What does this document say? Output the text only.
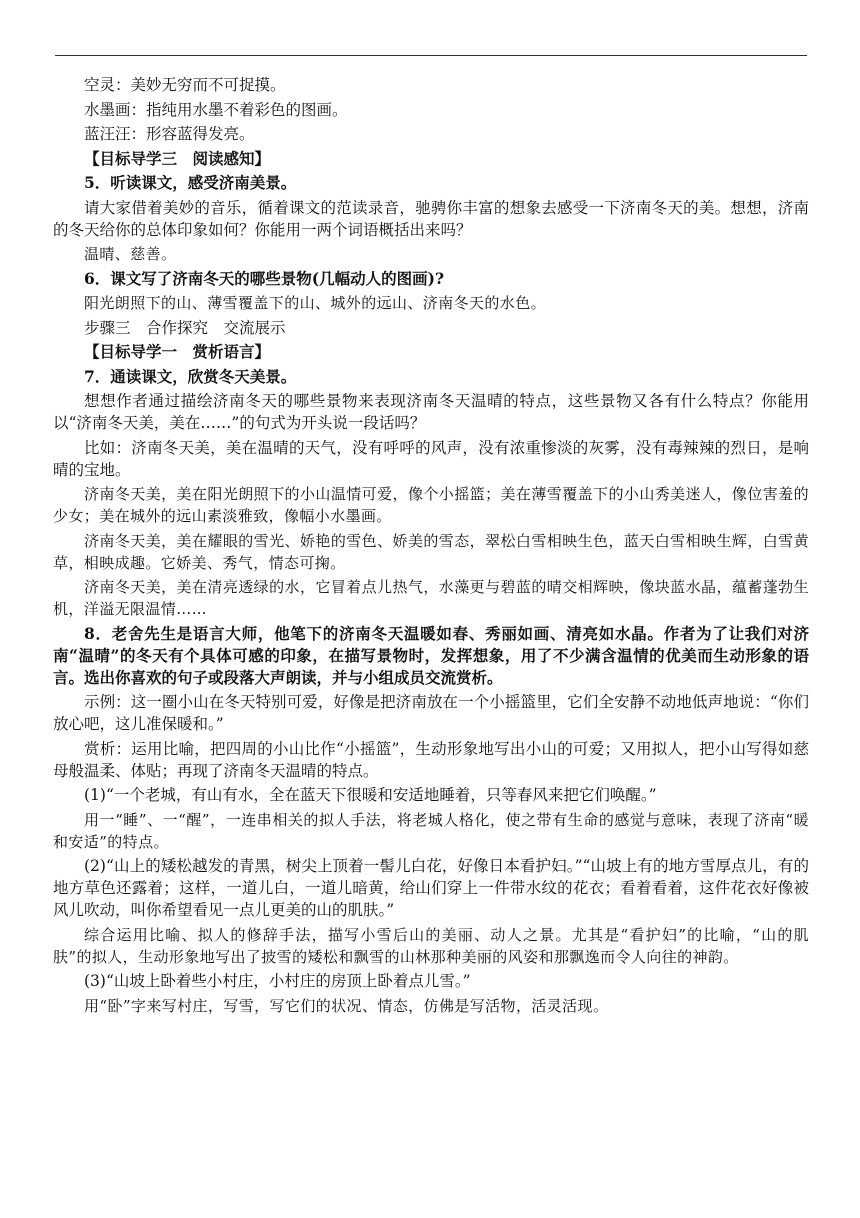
空灵：美妙无穷而不可捉摸。

水墨画：指纯用水墨不着彩色的图画。

蓝汪汪：形容蓝得发亮。

【目标导学三　阅读感知】

5．听读课文，感受济南美景。

请大家借着美妙的音乐，循着课文的范读录音，驰骋你丰富的想象去感受一下济南冬天的美。想想，济南的冬天给你的总体印象如何？你能用一两个词语概括出来吗？

温晴、慈善。

6．课文写了济南冬天的哪些景物(几幅动人的图画)?

阳光朗照下的山、薄雪覆盖下的山、城外的远山、济南冬天的水色。

步骤三　合作探究　交流展示

【目标导学一　赏析语言】

7．通读课文，欣赏冬天美景。

想想作者通过描绘济南冬天的哪些景物来表现济南冬天温晴的特点，这些景物又各有什么特点？你能用以“济南冬天美，美在……”的句式为开头说一段话吗？

比如：济南冬天美，美在温晴的天气，没有呼呼的风声，没有浓重惨淡的灰雾，没有毒辣辣的烈日，是响晴的宝地。

济南冬天美，美在阳光朗照下的小山温情可爱，像个小摇篮；美在薄雪覆盖下的小山秀美迷人，像位害羞的少女；美在城外的远山素淡雅致，像幅小水墨画。

济南冬天美，美在耀眼的雪光、娇艳的雪色、娇美的雪态，翠松白雪相映生色，蓝天白雪相映生辉，白雪黄草，相映成趣。它娇美、秀气，情态可掬。

济南冬天美，美在清亮透绿的水，它冒着点儿热气，水藻更与碧蓝的晴交相辉映，像块蓝水晶，蕴蓄蓬勃生机，洋溢无限温情……

8．老舍先生是语言大师，他笔下的济南冬天温暖如春、秀丽如画、清亮如水晶。作者为了让我们对济南“温晴”的冬天有个具体可感的印象，在描写景物时，发挥想象，用了不少满含温情的优美而生动形象的语言。选出你喜欢的句子或段落大声朗读，并与小组成员交流赏析。

示例：这一圈小山在冬天特别可爱，好像是把济南放在一个小摇篮里，它们全安静不动地低声地说：“你们放心吧，这儿准保暖和。”

赏析：运用比喻，把四周的小山比作“小摇篮”，生动形象地写出小山的可爱；又用拟人，把小山写得如慈母般温柔、体贴；再现了济南冬天温晴的特点。

(1)“一个老城，有山有水，全在蓝天下很暖和安适地睡着，只等春风来把它们唤醒。”

用一“睡”、一“醒”，一连串相关的拟人手法，将老城人格化，使之带有生命的感觉与意味，表现了济南“暖和安适”的特点。

(2)“山上的矮松越发的青黑，树尖上顶着一髻儿白花，好像日本看护妇。”“山坡上有的地方雪厚点儿，有的地方草色还露着；这样，一道儿白，一道儿暗黄，给山们穿上一件带水纹的花衣；看着看着，这件花衣好像被风儿吹动，叫你希望看见一点儿更美的山的肌肤。”

综合运用比喻、拟人的修辞手法，描写小雪后山的美丽、动人之景。尤其是“看护妇”的比喻，“山的肌肤”的拟人，生动形象地写出了披雪的矮松和飘雪的山林那种美丽的风姿和那飘逸而令人向往的神韵。

(3)“山坡上卧着些小村庄，小村庄的房顶上卧着点儿雪。”

用“卧”字来写村庄，写雪，写它们的状况、情态，仿佛是写活物，活灵活现。
